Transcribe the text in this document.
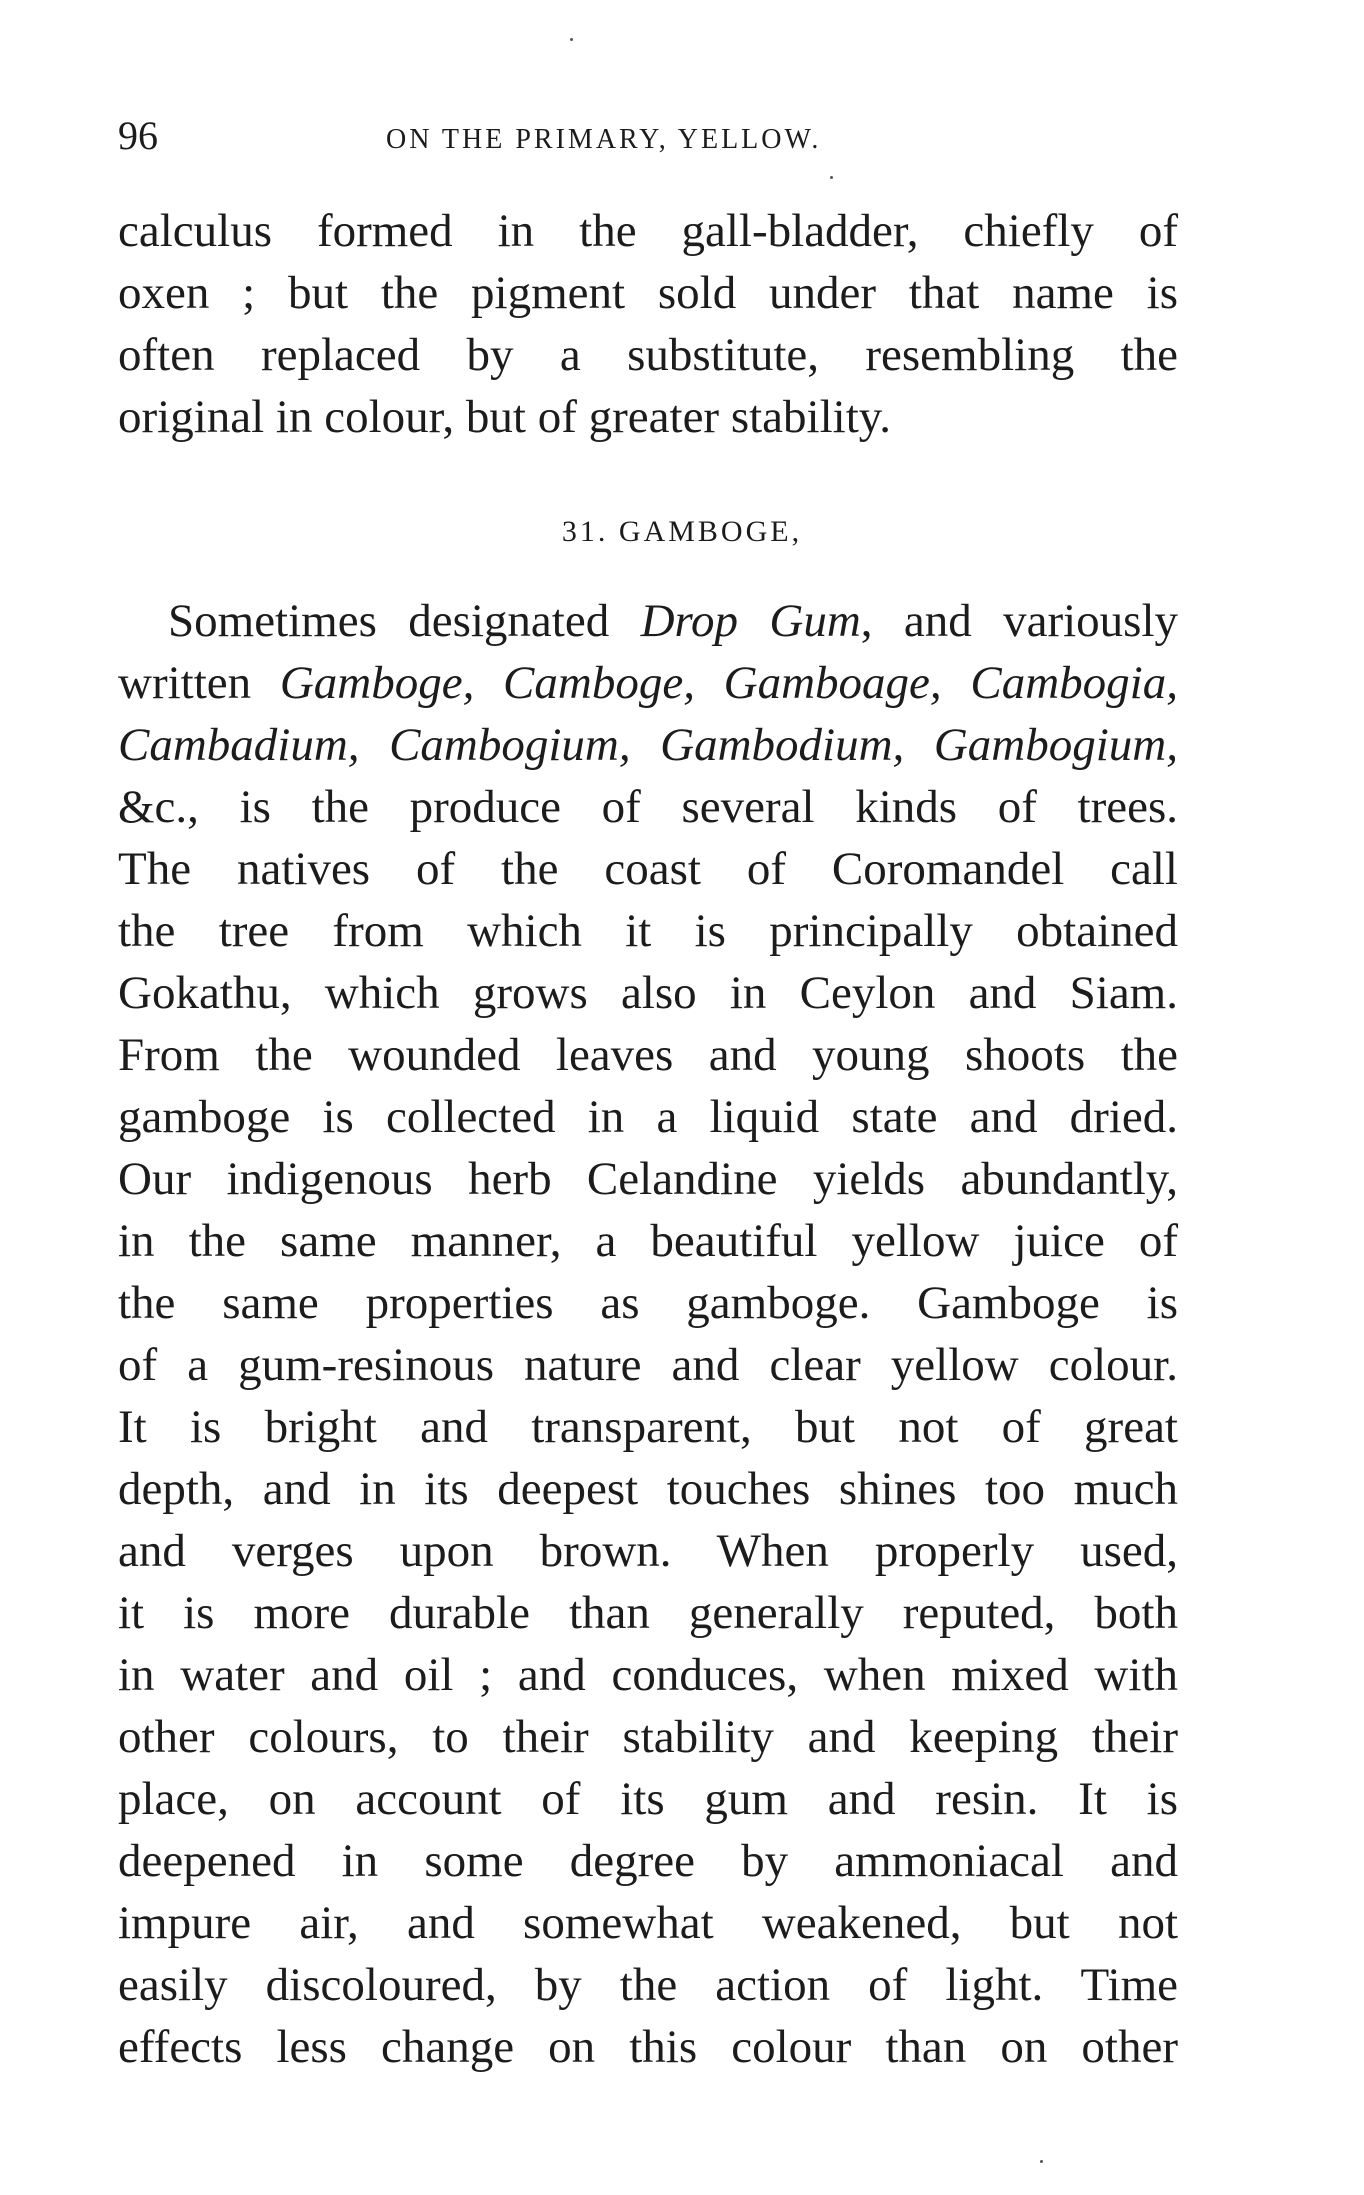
96	ON THE PRIMARY, YELLOW.
calculus formed in the gall-bladder, chiefly of
oxen ; but the pigment sold under that name is
often replaced by a substitute, resembling the
original in colour, but of greater stability.
31. GAMBOGE,
Sometimes designated Drop Gum, and variously
written Gamboge, Camboge, Gamboage, Cambogia,
Cambadium, Cambogium, Gambodium, Gambogium,
&c., is the produce of several kinds of trees.
The natives of the coast of Coromandel call
the tree from which it is principally obtained
Gokathu, which grows also in Ceylon and Siam.
From the wounded leaves and young shoots the
gamboge is collected in a liquid state and dried.
Our indigenous herb Celandine yields abundantly,
in the same manner, a beautiful yellow juice of
the same properties as gamboge. Gamboge is
of a gum-resinous nature and clear yellow colour.
It is bright and transparent, but not of great
depth, and in its deepest touches shines too much
and verges upon brown. When properly used,
it is more durable than generally reputed, both
in water and oil ; and conduces, when mixed with
other colours, to their stability and keeping their
place, on account of its gum and resin. It is
deepened in some degree by ammoniacal and
impure air, and somewhat weakened, but not
easily discoloured, by the action of light. Time
effects less change on this colour than on other
